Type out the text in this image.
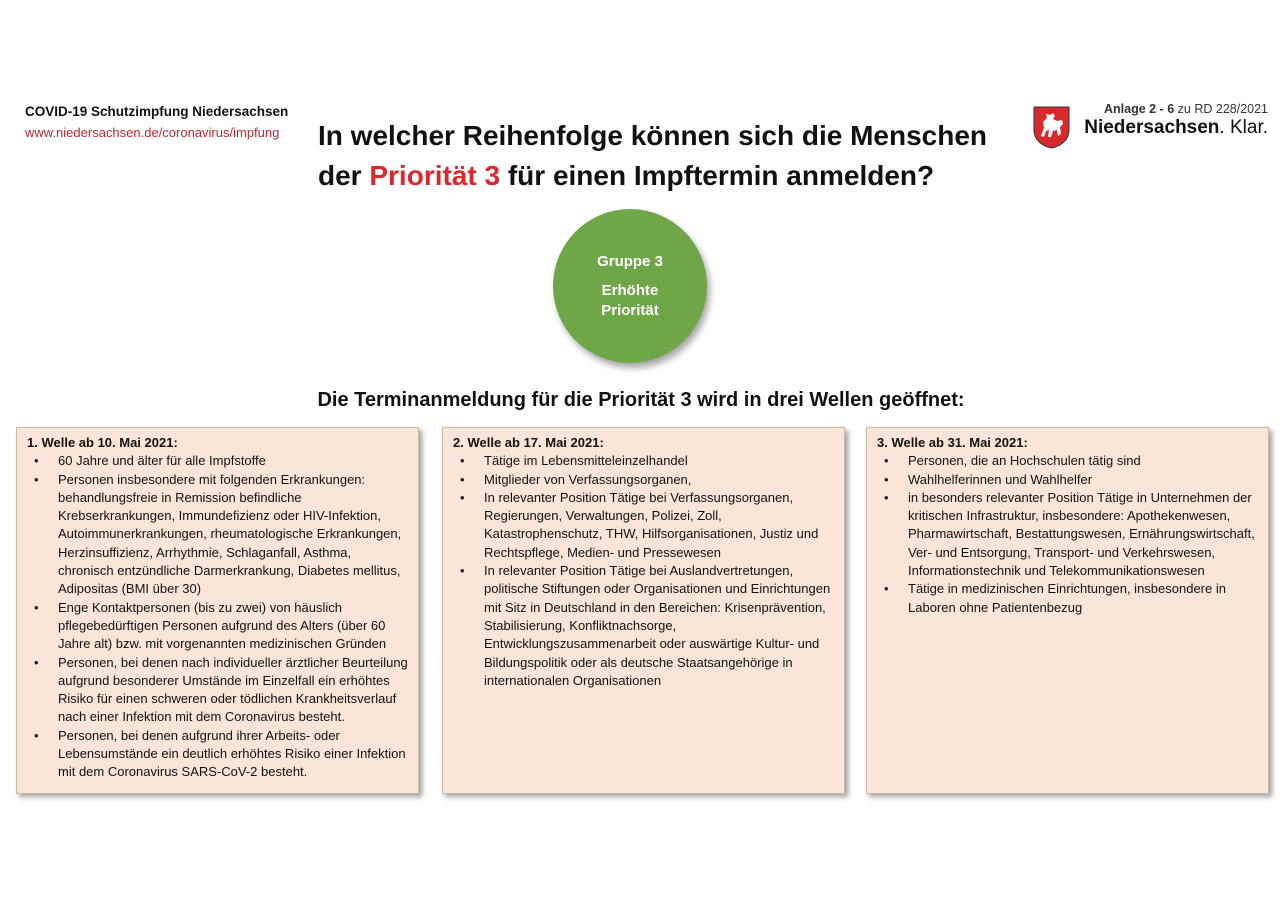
COVID-19 Schutzimpfung Niedersachsen
www.niedersachsen.de/coronavirus/impfung	In welcher Reihenfolge können sich die Menschen
der Priorität 3 für einen Impftermin anmelden?
Anlage 2 - 6 zu RD 228/2021
Niedersachsen. Klar.
Gruppe 3
Erhöhte
Priorität
Die Terminanmeldung für die Priorität 3 wird in drei Wellen geöffnet:
1. Welle ab 10. Mai 2021:
• 60 Jahre und älter für alle Impfstoffe
• Personen insbesondere mit folgenden Erkrankungen: behandlungsfreie in Remission befindliche Krebserkrankungen, Immundefizienz oder HIV-Infektion, Autoimmunerkrankungen, rheumatologische Erkrankungen, Herzinsuffizienz, Arrhythmie, Schlaganfall, Asthma, chronisch entzündliche Darmerkrankung, Diabetes mellitus, Adipositas (BMI über 30)
• Enge Kontaktpersonen (bis zu zwei) von häuslich pflegebedürftigen Personen aufgrund des Alters (über 60 Jahre alt) bzw. mit vorgenannten medizinischen Gründen
• Personen, bei denen nach individueller ärztlicher Beurteilung aufgrund besonderer Umstände im Einzelfall ein erhöhtes Risiko für einen schweren oder tödlichen Krankheitsverlauf nach einer Infektion mit dem Coronavirus besteht.
• Personen, bei denen aufgrund ihrer Arbeits- oder Lebensumstände ein deutlich erhöhtes Risiko einer Infektion mit dem Coronavirus SARS-CoV-2 besteht.
2. Welle ab 17. Mai 2021:
• Tätige im Lebensmitteleinzelhandel
• Mitglieder von Verfassungsorganen,
• In relevanter Position Tätige bei Verfassungsorganen, Regierungen, Verwaltungen, Polizei, Zoll, Katastrophenschutz, THW, Hilfsorganisationen, Justiz und Rechtspflege, Medien- und Pressewesen
• In relevanter Position Tätige bei Auslandvertretungen, politische Stiftungen oder Organisationen und Einrichtungen mit Sitz in Deutschland in den Bereichen: Krisenprävention, Stabilisierung, Konfliktnachsorge, Entwicklungszusammenarbeit oder auswärtige Kultur- und Bildungspolitik oder als deutsche Staatsangehörige in internationalen Organisationen
3. Welle ab 31. Mai 2021:
• Personen, die an Hochschulen tätig sind
• Wahlhelferinnen und Wahlhelfer
• in besonders relevanter Position Tätige in Unternehmen der kritischen Infrastruktur, insbesondere: Apothekenwesen, Pharmawirtschaft, Bestattungswesen, Ernährungswirtschaft, Ver- und Entsorgung, Transport- und Verkehrswesen, Informationstechnik und Telekommunikationswesen
• Tätige in medizinischen Einrichtungen, insbesondere in Laboren ohne Patientenbezug
